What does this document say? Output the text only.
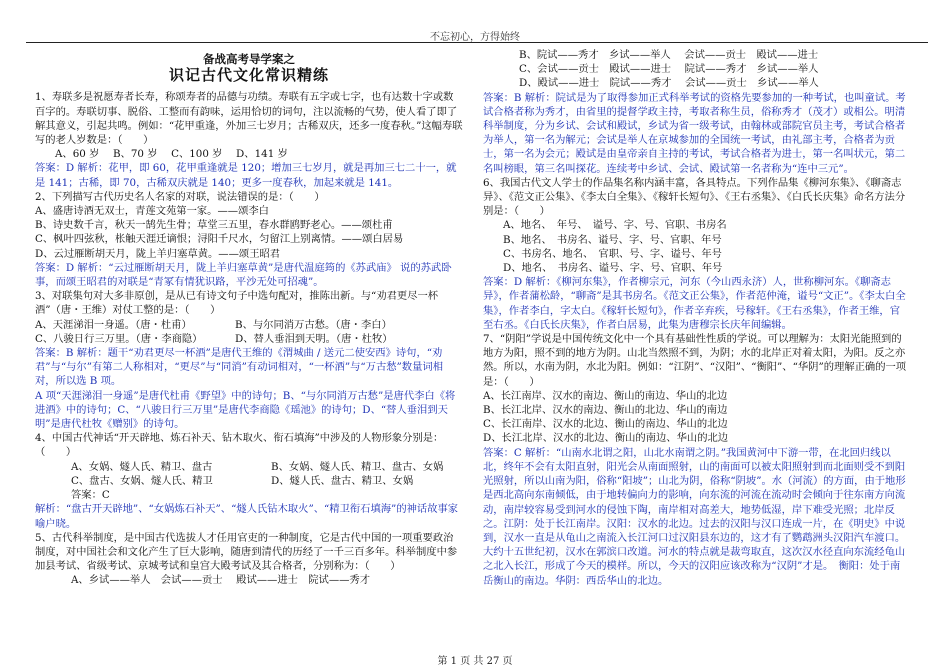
不忘初心，方得始终
备战高考导学案之
识记古代文化常识精练

1、寿联多是祝愿寿者长寿，称颂寿者的品德与功绩。寿联有五字或七字，也有达数十字或数百字的。寿联切事、脱俗、工整而有韵味，运用恰切的词句，注以流畅的气势，使人看了即了解其意义，引起共鸣。例如：“花甲重逢，外加三七岁月；古稀双庆，还多一度春秋。”这幅寿联写的老人岁数是：（　　）

A、60 岁　 B、70 岁　 C、100 岁　 D、141 岁

答案：D 解析：花甲，即 60，花甲重逢就是 120；增加三七岁月，就是再加三七二十一，就是 141；古稀，即 70，古稀双庆就是 140；更多一度春秋，加起来就是 141。

2、下列描写古代历史名人名家的对联，说法错误的是：（　　）

A、盛唐诗酒无双士，青莲文苑第一家。——颂李白

B、诗史数千言，秋天一鹄先生骨；草堂三五里，春水群鸥野老心。——颂杜甫

C、枫叶四弦秋，枨触天涯迁谪恨；浔阳千尺水，匀留江上别离情。——颂白居易

D、云过雁断胡天月，陇上羊归塞草黄。——颂王昭君

答案：D 解析：“云过雁断胡天月，陇上羊归塞草黄”是唐代温庭筠的《苏武庙》 说的苏武卧事，而颂王昭君的对联是“青冢有情犹识路，平沙无处可招魂”。

3、对联集句对大多非原创，是从已有诗文句子中选句配对，推陈出新。与“劝君更尽一杯酒”（唐・王维）对仗工整的是：（　　）

A、天涯涕泪一身遥。（唐・杜甫）	B、与尔同消万古愁。（唐・李白）
C、八骏日行三万里。（唐・李商隐）	D、替人垂泪到天明。（唐・杜牧）

答案：B 解析：题干“劝君更尽一杯酒”是唐代王维的《渭城曲 / 送元二使安西》诗句，“劝君”与“与尔”有第二人称相对，“更尽”与“同消”有动词相对，“一杯酒”与“万古愁”数量词相对，所以选 B 项。

A 项“天涯涕泪一身遥”是唐代杜甫《野望》中的诗句；B、“与尔同消万古愁”是唐代李白《将进酒》中的诗句；C、“八骏日行三万里”是唐代李商隐《瑶池》的诗句；D、“替人垂泪到天明”是唐代杜牧《赠别》的诗句。

4、中国古代神话“开天辟地、炼石补天、钻木取火、衔石填海”中涉及的人物形象分别是：（　　）

A、女娲、燧人氏、精卫、盘古	B、女娲、燧人氏、精卫、盘古、女娲
C、盘古、女娲、燧人氏、精卫	D、燧人氏、盘古、精卫、女娲

答案：C

解析：“盘古开天辟地”、“女娲炼石补天”、“燧人氏钻木取火”、“精卫衔石填海”的神话故事家喻户晓。

5、古代科举制度，是中国古代选拔人才任用官吏的一种制度，它是古代中国的一项重要政治制度，对中国社会和文化产生了巨大影响，随唐到清代的历经了一千三百多年。科举制度中参加县考试、省级考试、京城考试和皇宫大殿考试及其合格者，分别称为：（　　）

A、乡试——举人　会试——贡士　 殿试——进士　院试——秀才

B、院试——秀才　乡试——举人　 会试——贡士　殿试——进士

C、会试——贡士　殿试——进士　 院试——秀才　乡试——举人

D、殿试——进士　院试——秀才　 会试——贡士　乡试——举人

答案：B 解析：院试是为了取得参加正式科举考试的资格先要参加的一种考试，也叫童试。考试合格者称为秀才，由省里的提督学政主持，考取者称生员，俗称秀才（茂才）或相公。明清科举制度，分为乡试、会试和殿试，乡试为省一级考试，由翰林或部院官员主考，考试合格者为举人，第一名为解元；会试是举人在京城参加的全国统一考试，由礼部主考，合格者为贡士，第一名为会元；殿试是由皇帝亲自主持的考试，考试合格者为进士，第一名叫状元，第二名叫榜眼，第三名叫探花。连续考中乡试、会试、殿试第一名者称为“连中三元”。

6、我国古代文人学士的作品集名称内涵丰富，各具特点。下列作品集《柳河东集》、《聊斋志异》、《范文正公集》、《李太白全集》、《稼轩长短句》、《王右丞集》、《白氏长庆集》命名方法分别是：（　　）

A、地名、　年号、　谥号、字、号、官职、书房名

B、地名、　书房名、谥号、字、号、官职、年号

C、书房名、地名、　官职、号、字、谥号、年号

D、地名、　书房名、谥号、字、号、官职、年号

答案：D 解析：《柳河东集》，作者柳宗元，河东（今山西永济）人，世称柳河东。《聊斋志异》，作者蒲松龄，“聊斋”是其书房名。《范文正公集》，作者范仲淹，谥号“文正”。《李太白全集》，作者李白，字太白。《稼轩长短句》，作者辛弃疾，号稼轩。《王右丞集》，作者王维，官至右丞。《白氏长庆集》，作者白居易，此集为唐穆宗长庆年间编辑。

7、“阴阳”学说是中国传统文化中一个具有基础性性质的学说。可以理解为：太阳光能照到的地方为阳，照不到的地方为阴。山北当然照不到，为阴；水的北岸正对着太阳，为阳。反之亦然。所以，水南为阴，水北为阳。例如：“江阴”、“汉阳”、“衡阳”、“华阴”的理解正确的一项是：（　　）

A、长江南岸、汉水的南边、衡山的南边、华山的北边

B、长江北岸、汉水的南边、衡山的北边、华山的南边

C、长江南岸、汉水的北边、衡山的南边、华山的北边

D、长江北岸、汉水的北边、衡山的南边、华山的北边

答案：C 解析：“山南水北谓之阳，山北水南谓之阴。”我国黄河中下游一带，在北回归线以北，终年不会有太阳直射，阳光会从南面照射，山的南面可以被太阳照射到而北面则受不到阳光照射，所以山南为阳，俗称“阳坡”；山北为阴，俗称“阴坡”。水（河流）的方面，由于地形是西北高向东南倾低，由于地转偏向力的影响，向东流的河流在流动时会倾向于往东南方向流动，南岸较容易受到河水的侵蚀下陶，南岸相对高差大，地势低湿，岸下难受光照；北岸反之。江阴：处于长江南岸。汉阳：汉水的北边。过去的汉阳与汉口连成一片，在《明史》中说到，汉水一直是从龟山之南流入长江河口过汉阳县东边的，这才有了鹦鹉洲头汉阳汽车渡口。大约十五世纪初，汉水在郭滨口改道。河水的特点就是裁弯取直，这次汉水径直向东流经龟山之北入长江，形成了今天的模样。所以，今天的汉阳应该改称为“汉阴”才是。　衡阳：处于南岳衡山的南边。华阴：西岳华山的北边。

第 1 页 共 27 页
